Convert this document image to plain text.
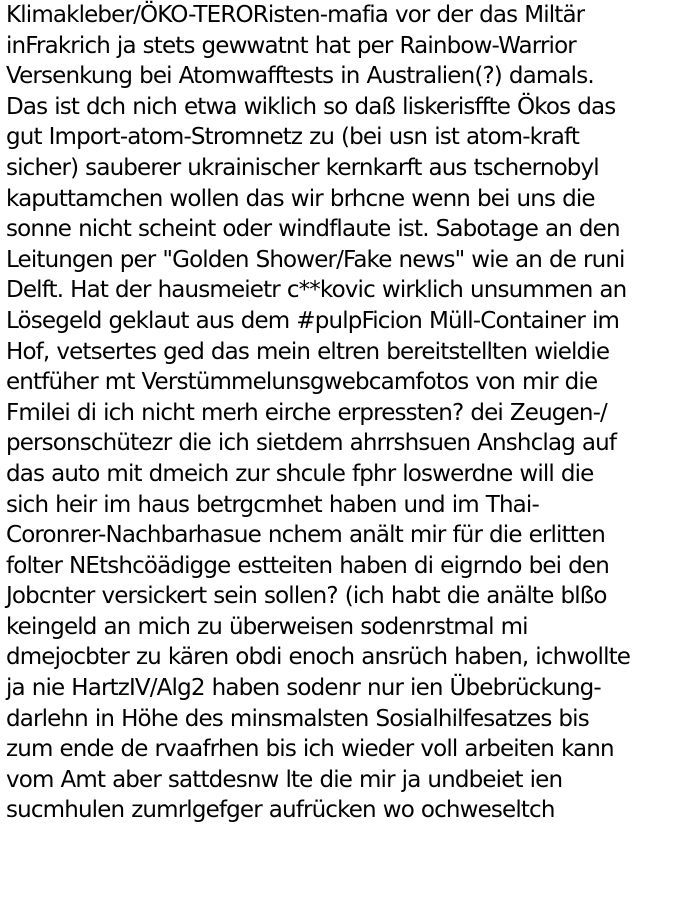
Klimakleber/ÖKO-TERORisten-mafia vor der das Miltär
inFrakrich ja stets gewwatnt hat per Rainbow-Warrior
Versenkung bei Atomwafftests in Australien(?) damals.
Das ist dch nich etwa wiklich so daß liskerisffte Ökos das
gut Import-atom-Stromnetz zu (bei usn ist atom-kraft
sicher) sauberer ukrainischer kernkarft aus tschernobyl
kaputtamchen wollen das wir brhcne wenn bei uns die
sonne nicht scheint oder windflaute ist. Sabotage an den
Leitungen per "Golden Shower/Fake news" wie an de runi
Delft. Hat der hausmeietr c**kovic wirklich unsummen an
Lösegeld geklaut aus dem #pulpFicion Müll-Container im
Hof, vetsertes ged das mein eltren bereitstellten wieldie
entfüher mt Verstümmelunsgwebcamfotos von mir die
Fmilei di ich nicht merh eirche erpressten? dei Zeugen-/
personschütezr die ich sietdem ahrrshsuen Anshclag auf
das auto mit dmeich zur shcule fphr loswerdne will die
sich heir im haus betrgcmhet haben und im Thai-
Coronrer-Nachbarhasue nchem anält mir für die erlitten
folter NEtshcöädigge estteiten haben di eigrndo bei den
Jobcnter versickert sein sollen? (ich habt die anälte blßo
keingeld an mich zu überweisen sodenrstmal mi
dmejocbter zu kären obdi enoch ansrüch haben, ichwollte
ja nie HartzIV/Alg2 haben sodenr nur ien Übebrückung-
darlehn in Höhe des minsmalsten Sosialhilfesatzes bis
zum ende de rvaafrhen bis ich wieder voll arbeiten kann
vom Amt aber sattdesnw lte die mir ja undbeiet ien
sucmhulen zumrlgefger aufrücken wo ochweseltch
